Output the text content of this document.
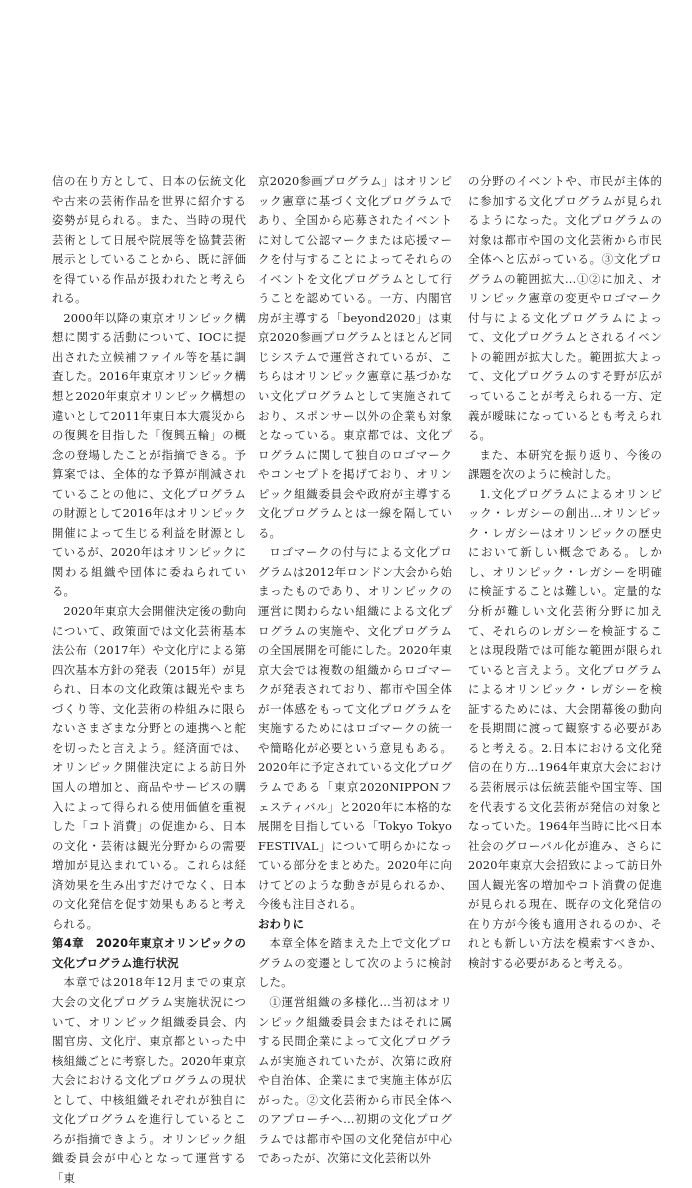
信の在り方として、日本の伝統文化や古来の芸術作品を世界に紹介する姿勢が見られる。また、当時の現代芸術として日展や院展等を協賛芸術展示としていることから、既に評価を得ている作品が扱われたと考えられる。

2000年以降の東京オリンピック構想に関する活動について、IOCに提出された立候補ファイル等を基に調査した。2016年東京オリンピック構想と2020年東京オリンピック構想の違いとして2011年東日本大震災からの復興を目指した「復興五輪」の概念の登場したことが指摘できる。予算案では、全体的な予算が削減されていることの他に、文化プログラムの財源として2016年はオリンピック開催によって生じる利益を財源としているが、2020年はオリンピックに関わる組織や団体に委ねられている。

2020年東京大会開催決定後の動向について、政策面では文化芸術基本法公布（2017年）や文化庁による第四次基本方針の発表（2015年）が見られ、日本の文化政策は観光やまちづくり等、文化芸術の枠組みに限らないさまざまな分野との連携へと舵を切ったと言えよう。経済面では、オリンピック開催決定による訪日外国人の増加と、商品やサービスの購入によって得られる使用価値を重視した「コト消費」の促進から、日本の文化・芸術は観光分野からの需要増加が見込まれている。これらは経済効果を生み出すだけでなく、日本の文化発信を促す効果もあると考えられる。

第4章　2020年東京オリンピックの文化プログラム進行状況

本章では2018年12月までの東京大会の文化プログラム実施状況について、オリンピック組織委員会、内閣官房、文化庁、東京都といった中核組織ごとに考察した。2020年東京大会における文化プログラムの現状として、中核組織それぞれが独自に文化プログラムを進行しているところが指摘できよう。オリンピック組織委員会が中心となって運営する「東

京2020参画プログラム」はオリンピック憲章に基づく文化プログラムであり、全国から応募されたイベントに対して公認マークまたは応援マークを付与することによってそれらのイベントを文化プログラムとして行うことを認めている。一方、内閣官房が主導する「beyond2020」は東京2020参画プログラムとほとんど同じシステムで運営されているが、こちらはオリンピック憲章に基づかない文化プログラムとして実施されており、スポンサー以外の企業も対象となっている。東京都では、文化プログラムに関して独自のロゴマークやコンセプトを掲げており、オリンピック組織委員会や政府が主導する文化プログラムとは一線を隔している。

ロゴマークの付与による文化プログラムは2012年ロンドン大会から始まったものであり、オリンピックの運営に関わらない組織による文化プログラムの実施や、文化プログラムの全国展開を可能にした。2020年東京大会では複数の組織からロゴマークが発表されており、都市や国全体が一体感をもって文化プログラムを実施するためにはロゴマークの統一や簡略化が必要という意見もある。2020年に予定されている文化プログラムである「東京2020NIPPONフェスティバル」と2020年に本格的な展開を目指している「Tokyo Tokyo FESTIVAL」について明らかになっている部分をまとめた。2020年に向けてどのような動きが見られるか、今後も注目される。

おわりに

本章全体を踏まえた上で文化プログラムの変遷として次のように検討した。

①運営組織の多様化…当初はオリンピック組織委員会またはそれに属する民間企業によって文化プログラムが実施されていたが、次第に政府や自治体、企業にまで実施主体が広がった。②文化芸術から市民全体へのアプローチへ…初期の文化プログラムでは都市や国の文化発信が中心であったが、次第に文化芸術以外

の分野のイベントや、市民が主体的に参加する文化プログラムが見られるようになった。文化プログラムの対象は都市や国の文化芸術から市民全体へと広がっている。③文化プログラムの範囲拡大…①②に加え、オリンピック憲章の変更やロゴマーク付与による文化プログラムによって、文化プログラムとされるイベントの範囲が拡大した。範囲拡大よって、文化プログラムのすそ野が広がっていることが考えられる一方、定義が曖昧になっているとも考えられる。

また、本研究を振り返り、今後の課題を次のように検討した。

1.文化プログラムによるオリンピック・レガシーの創出…オリンピック・レガシーはオリンピックの歴史において新しい概念である。しかし、オリンピック・レガシーを明確に検証することは難しい。定量的な分析が難しい文化芸術分野に加えて、それらのレガシーを検証することは現段階では可能な範囲が限られていると言えよう。文化プログラムによるオリンピック・レガシーを検証するためには、大会閉幕後の動向を長期間に渡って観察する必要があると考える。2.日本における文化発信の在り方…1964年東京大会における芸術展示は伝統芸能や国宝等、国を代表する文化芸術が発信の対象となっていた。1964年当時に比べ日本社会のグローバル化が進み、さらに2020年東京大会招致によって訪日外国人観光客の増加やコト消費の促進が見られる現在、既存の文化発信の在り方が今後も適用されるのか、それとも新しい方法を模索すべきか、検討する必要があると考える。
